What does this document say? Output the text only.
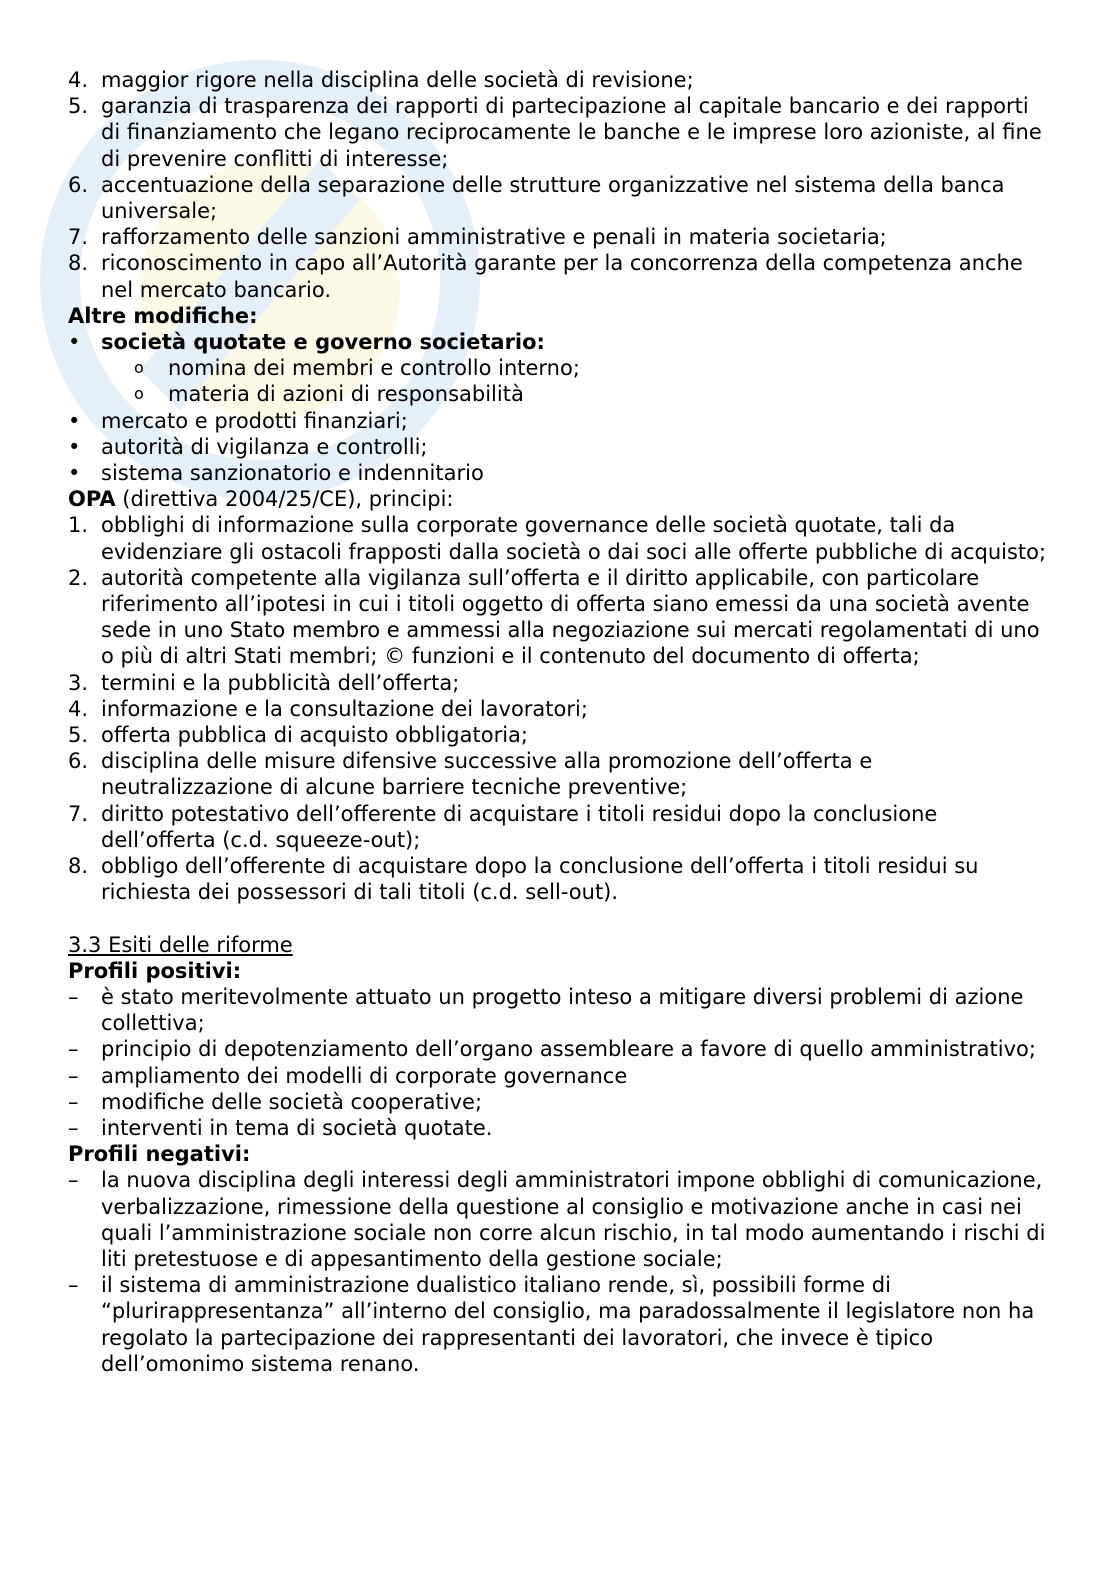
4. maggior rigore nella disciplina delle società di revisione;
5. garanzia di trasparenza dei rapporti di partecipazione al capitale bancario e dei rapporti di finanziamento che legano reciprocamente le banche e le imprese loro azioniste, al fine di prevenire conflitti di interesse;
6. accentuazione della separazione delle strutture organizzative nel sistema della banca universale;
7. rafforzamento delle sanzioni amministrative e penali in materia societaria;
8. riconoscimento in capo all’Autorità garante per la concorrenza della competenza anche nel mercato bancario.
Altre modifiche:
• società quotate e governo societario:
o	nomina dei membri e controllo interno;
o	materia di azioni di responsabilità
• mercato e prodotti finanziari;
• autorità di vigilanza e controlli;
• sistema sanzionatorio e indennitario
OPA (direttiva 2004/25/CE), principi:
1. obblighi di informazione sulla corporate governance delle società quotate, tali da evidenziare gli ostacoli frapposti dalla società o dai soci alle offerte pubbliche di acquisto;
2. autorità competente alla vigilanza sull’offerta e il diritto applicabile, con particolare riferimento all’ipotesi in cui i titoli oggetto di offerta siano emessi da una società avente sede in uno Stato membro e ammessi alla negoziazione sui mercati regolamentati di uno o più di altri Stati membri; © funzioni e il contenuto del documento di offerta;
3. termini e la pubblicità dell’offerta;
4. informazione e la consultazione dei lavoratori;
5. offerta pubblica di acquisto obbligatoria;
6. disciplina delle misure difensive successive alla promozione dell’offerta e neutralizzazione di alcune barriere tecniche preventive;
7. diritto potestativo dell’offerente di acquistare i titoli residui dopo la conclusione dell’offerta (c.d. squeeze-out);
8. obbligo dell’offerente di acquistare dopo la conclusione dell’offerta i titoli residui su richiesta dei possessori di tali titoli (c.d. sell-out).
3.3 Esiti delle riforme
Profili positivi:
–	è stato meritevolmente attuato un progetto inteso a mitigare diversi problemi di azione collettiva;
–	principio di depotenziamento dell’organo assembleare a favore di quello amministrativo;
–	ampliamento dei modelli di corporate governance
–	modifiche delle società cooperative;
–	interventi in tema di società quotate.
Profili negativi:
–	la nuova disciplina degli interessi degli amministratori impone obblighi di comunicazione, verbalizzazione, rimessione della questione al consiglio e motivazione anche in casi nei quali l’amministrazione sociale non corre alcun rischio, in tal modo aumentando i rischi di liti pretestuose e di appesantimento della gestione sociale;
–	il sistema di amministrazione dualistico italiano rende, sì, possibili forme di “plurirappresentanza” all’interno del consiglio, ma paradossalmente il legislatore non ha regolato la partecipazione dei rappresentanti dei lavoratori, che invece è tipico dell’omonimo sistema renano.
